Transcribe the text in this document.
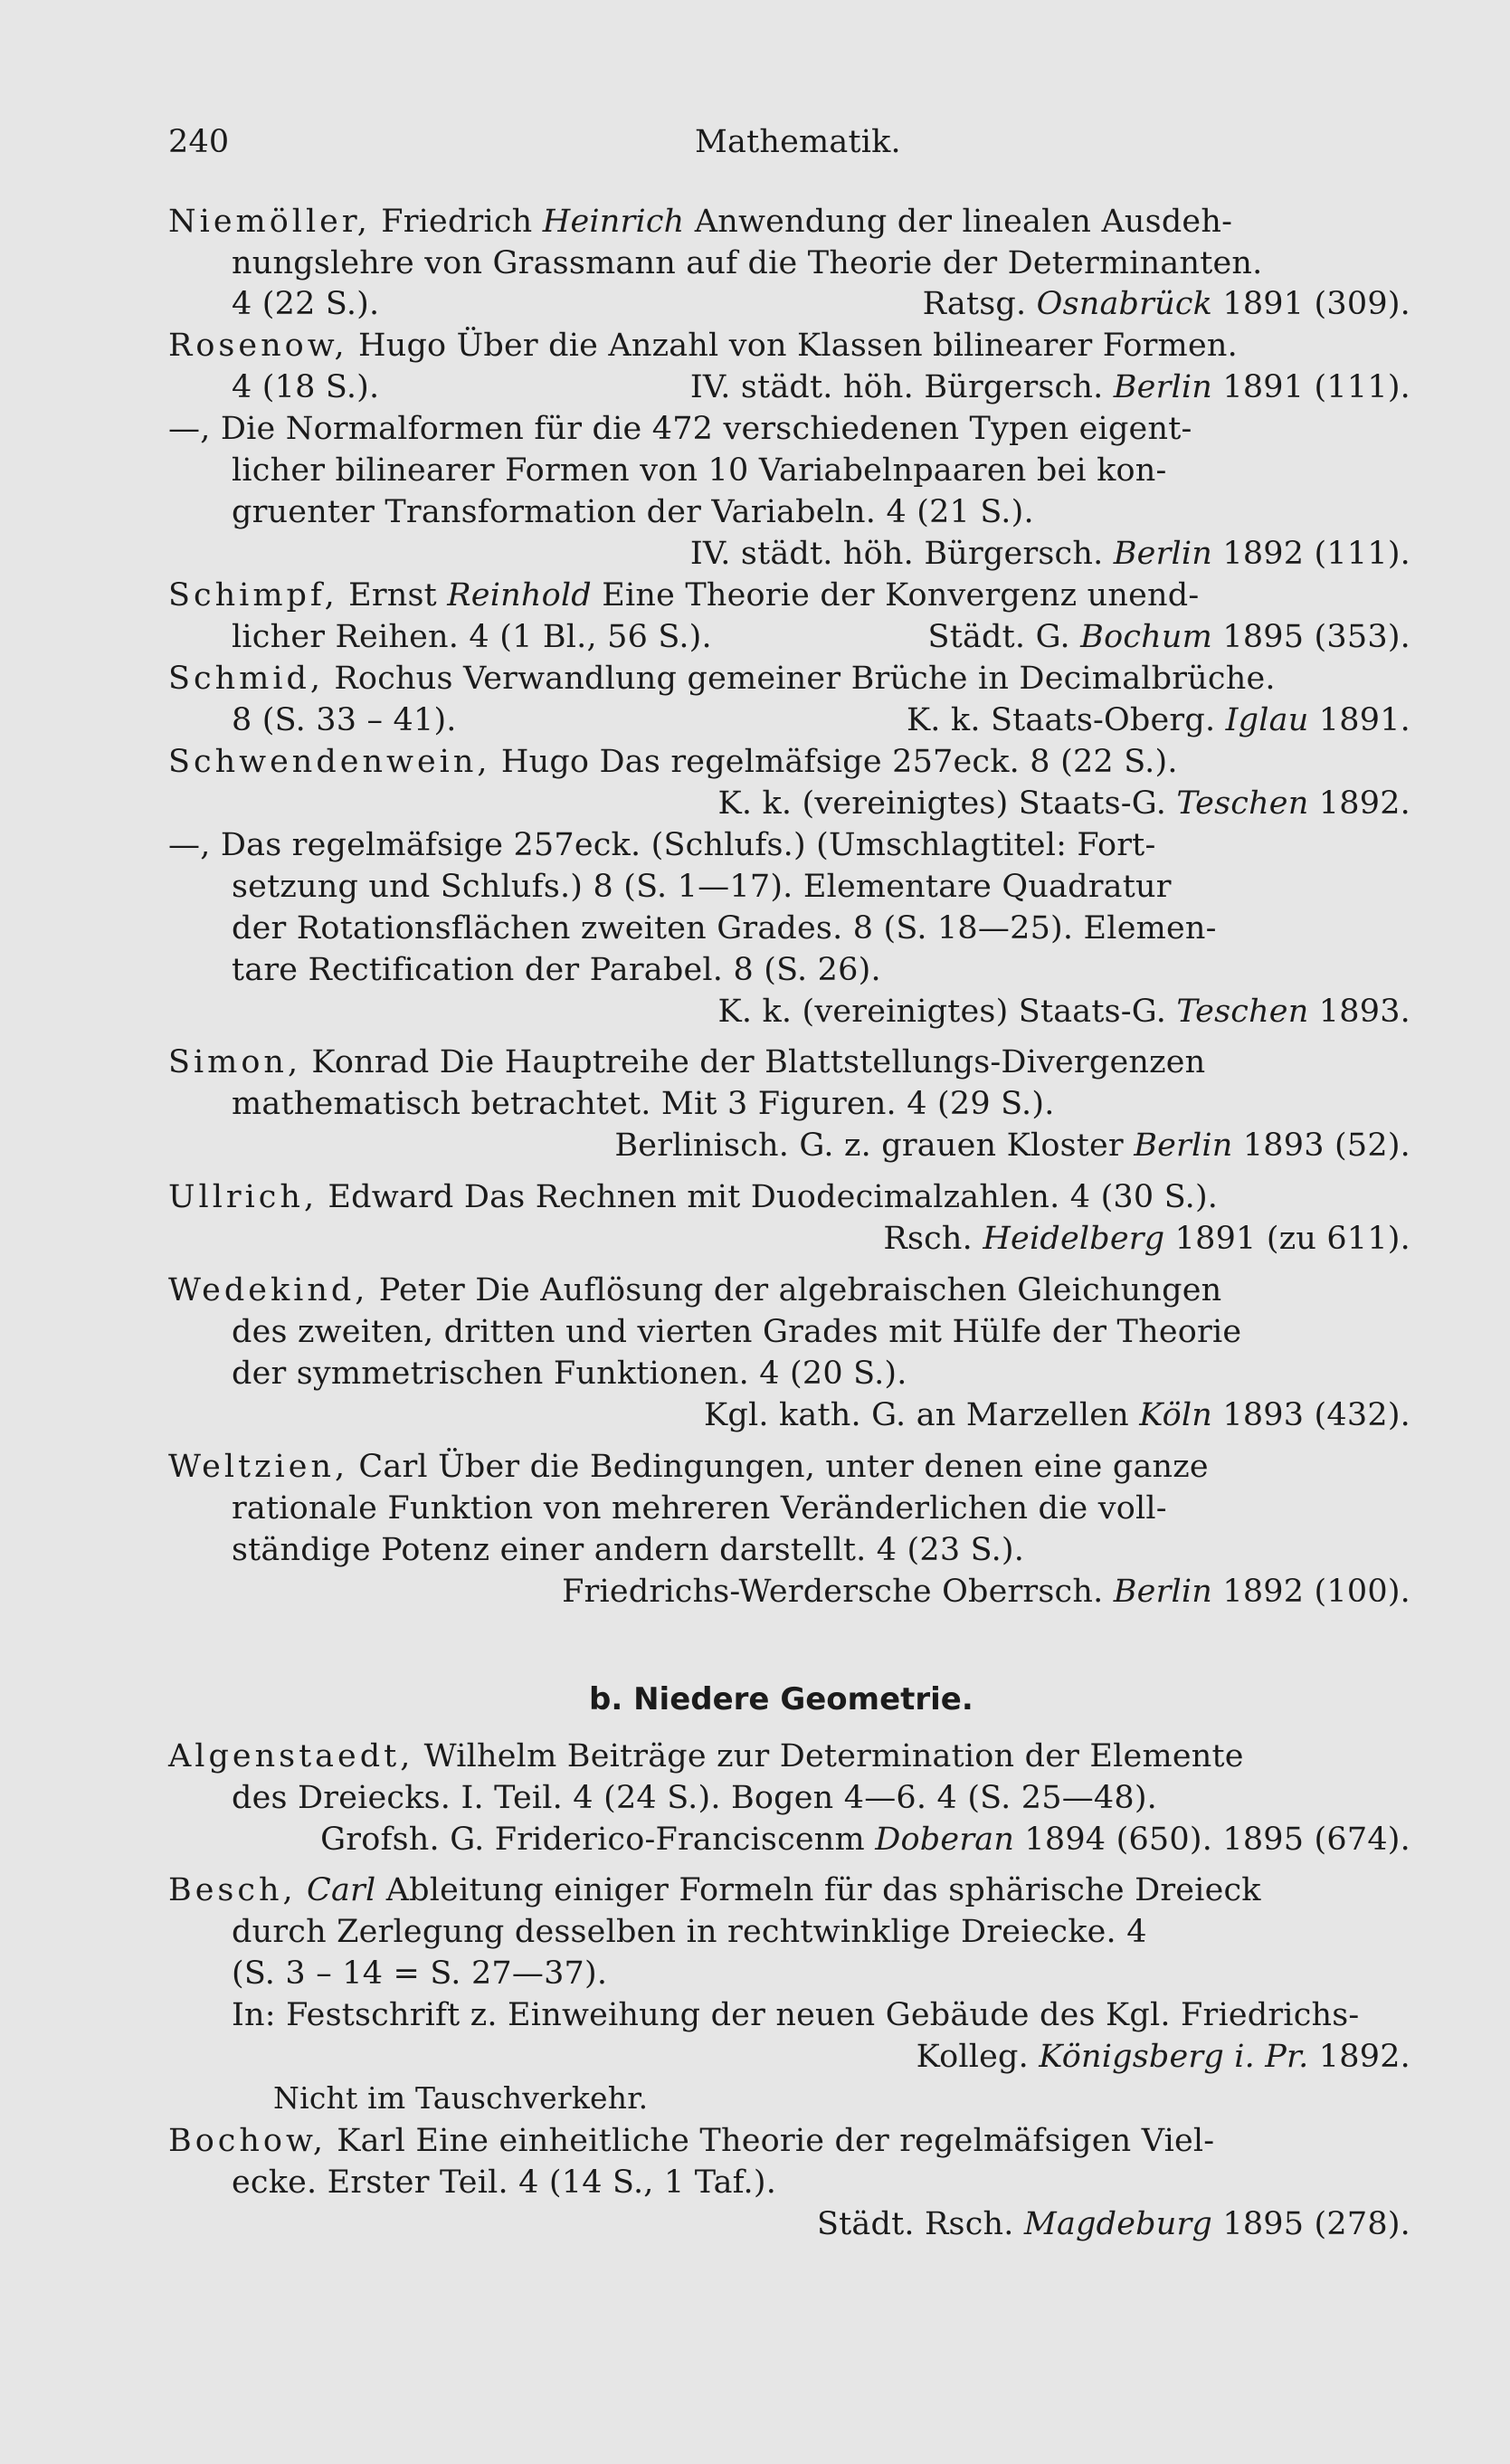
240	Mathematik.
Niemöller, Friedrich Heinrich Anwendung der linealen Ausdeh-
nungslehre von Grassmann auf die Theorie der Determinanten.
4 (22 S.).	Ratsg. Osnabrück 1891 (309).
Rosenow, Hugo Über die Anzahl von Klassen bilinearer Formen.
4 (18 S.).	IV. städt. höh. Bürgersch. Berlin 1891 (111).
—, Die Normalformen für die 472 verschiedenen Typen eigent-
licher bilinearer Formen von 10 Variabelnpaaren bei kon-
gruenter Transformation der Variabeln. 4 (21 S.).
IV. städt. höh. Bürgersch. Berlin 1892 (111).
Schimpf, Ernst Reinhold Eine Theorie der Konvergenz unend-
licher Reihen. 4 (1 Bl., 56 S.).	Städt. G. Bochum 1895 (353).
Schmid, Rochus Verwandlung gemeiner Brüche in Decimalbrüche.
8 (S. 33 – 41).	K. k. Staats-Oberg. Iglau 1891.
Schwendenwein, Hugo Das regelmäfsige 257eck. 8 (22 S.).
K. k. (vereinigtes) Staats-G. Teschen 1892.
—, Das regelmäfsige 257eck. (Schlufs.) (Umschlagtitel: Fort-
setzung und Schlufs.) 8 (S. 1—17). Elementare Quadratur
der Rotationsflächen zweiten Grades. 8 (S. 18—25). Elemen-
tare Rectification der Parabel. 8 (S. 26).
K. k. (vereinigtes) Staats-G. Teschen 1893.
Simon, Konrad Die Hauptreihe der Blattstellungs-Divergenzen
mathematisch betrachtet. Mit 3 Figuren. 4 (29 S.).
Berlinisch. G. z. grauen Kloster Berlin 1893 (52).
Ullrich, Edward Das Rechnen mit Duodecimalzahlen. 4 (30 S.).
Rsch. Heidelberg 1891 (zu 611).
Wedekind, Peter Die Auflösung der algebraischen Gleichungen
des zweiten, dritten und vierten Grades mit Hülfe der Theorie
der symmetrischen Funktionen. 4 (20 S.).
Kgl. kath. G. an Marzellen Köln 1893 (432).
Weltzien, Carl Über die Bedingungen, unter denen eine ganze
rationale Funktion von mehreren Veränderlichen die voll-
ständige Potenz einer andern darstellt. 4 (23 S.).
Friedrichs-Werdersche Oberrsch. Berlin 1892 (100).
b. Niedere Geometrie.
Algenstaedt, Wilhelm Beiträge zur Determination der Elemente
des Dreiecks. I. Teil. 4 (24 S.). Bogen 4—6. 4 (S. 25—48).
Grofsh. G. Friderico-Franciscenm Doberan 1894 (650). 1895 (674).
Besch, Carl Ableitung einiger Formeln für das sphärische Dreieck
durch Zerlegung desselben in rechtwinklige Dreiecke. 4
(S. 3 – 14 = S. 27—37).
In: Festschrift z. Einweihung der neuen Gebäude des Kgl. Friedrichs-
Kolleg. Königsberg i. Pr. 1892.
Nicht im Tauschverkehr.
Bochow, Karl Eine einheitliche Theorie der regelmäfsigen Viel-
ecke. Erster Teil. 4 (14 S., 1 Taf.).
Städt. Rsch. Magdeburg 1895 (278).
